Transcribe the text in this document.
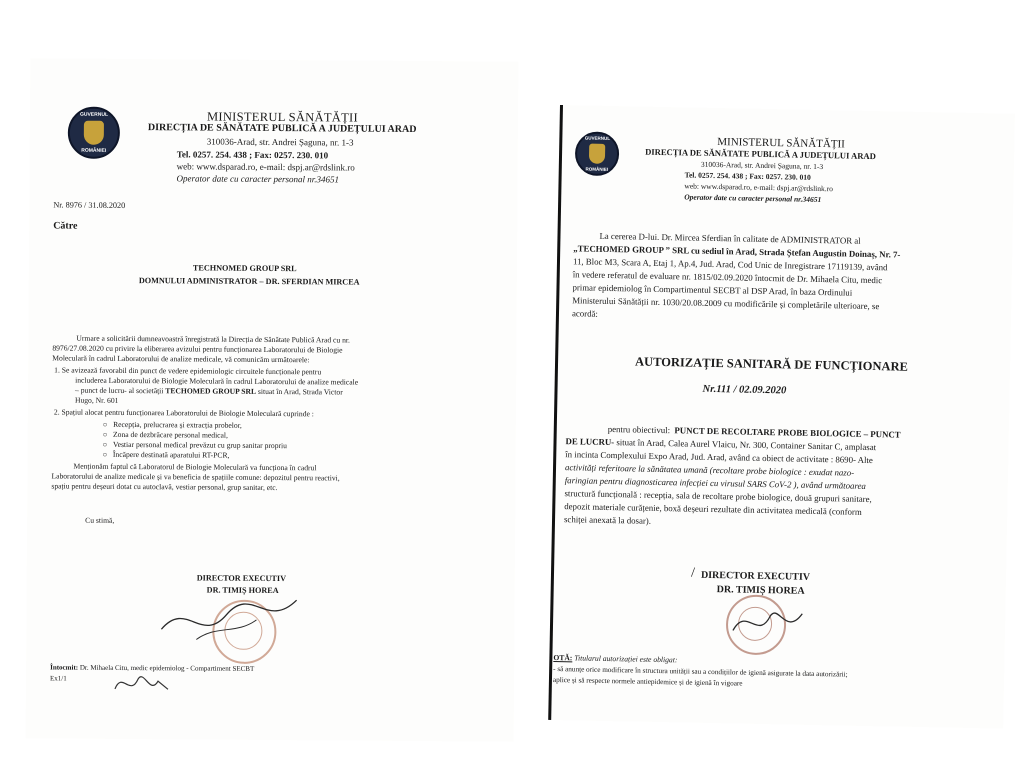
GUVERNUL
ROMÂNIEI
MINISTERUL SĂNĂTĂȚII
DIRECȚIA DE SĂNĂTATE PUBLICĂ A JUDEȚULUI ARAD
310036-Arad, str. Andrei Șaguna, nr. 1-3
Tel. 0257. 254. 438 ; Fax: 0257. 230. 010
web: www.dsparad.ro, e-mail: dspj.ar@rdslink.ro
Operator date cu caracter personal nr.34651
Nr. 8976 / 31.08.2020
Către
TECHNOMED GROUP SRL
DOMNULUI ADMINISTRATOR – DR. SFERDIAN MIRCEA
Urmare a solicitării dumneavoastră înregistrată la Direcția de Sănătate Publică Arad cu nr.
8976/27.08.2020 cu privire la eliberarea avizului pentru funcționarea Laboratorului de Biologie
Moleculară în cadrul Laboratorului de analize medicale, vă comunicăm următoarele:
1. Se avizează favorabil din punct de vedere epidemiologic circuitele funcționale pentru
includerea Laboratorului de Biologie Moleculară în cadrul Laboratorului de analize medicale
– punct de lucru- al societății TECHOMED GROUP SRL situat în Arad, Strada Victor
Hugo, Nr. 601
2. Spațiul alocat pentru funcționarea Laboratorului de Biologie Moleculară cuprinde :
○   Recepția, prelucrarea și extracția probelor,
○   Zona de dezbrăcare personal medical,
○   Vestiar personal medical prevăzut cu grup sanitar propriu
○   Încăpere destinată aparatului RT-PCR,
Menționăm faptul că Laboratorul de Biologie Moleculară va funcționa în cadrul
Laboratorului de analize medicale și va beneficia de spațiile comune: depozitul pentru reactivi,
spațiu pentru deșeuri dotat cu autoclavă, vestiar personal, grup sanitar, etc.
Cu stimă,
DIRECTOR EXECUTIV
DR. TIMIȘ HOREA
Întocmit: Dr. Mihaela Citu, medic epidemiolog - Compartiment SECBT
Ex1/1
GUVERNUL
ROMÂNIEI
MINISTERUL SĂNĂTĂȚII
DIRECȚIA DE SĂNĂTATE PUBLICĂ A JUDEȚULUI ARAD
310036-Arad, str. Andrei Șaguna, nr. 1-3
Tel. 0257. 254. 438 ; Fax: 0257. 230. 010
web: www.dsparad.ro, e-mail: dspj.ar@rdslink.ro
Operator date cu caracter personal nr.34651
La cererea D-lui. Dr. Mircea Sferdian în calitate de ADMINISTRATOR al
„TECHOMED GROUP ” SRL cu sediul în Arad, Strada Ștefan Augustin Doinaș, Nr. 7-
11, Bloc M3, Scara A, Etaj 1, Ap.4, Jud. Arad, Cod Unic de Inregistrare 17119139, având
în vedere referatul de evaluare nr. 1815/02.09.2020 întocmit de Dr. Mihaela Citu, medic
primar epidemiolog în Compartimentul SECBT al DSP Arad, în baza Ordinului
Ministerului Sănătății nr. 1030/20.08.2009 cu modificările și completările ulterioare, se
acordă:
AUTORIZAȚIE SANITARĂ DE FUNCȚIONARE
Nr.111 / 02.09.2020
pentru obiectivul: PUNCT DE RECOLTARE PROBE BIOLOGICE – PUNCT
DE LUCRU- situat în Arad, Calea Aurel Vlaicu, Nr. 300, Container Sanitar C, amplasat
în incinta Complexului Expo Arad, Jud. Arad, având ca obiect de activitate : 8690- Alte
activități referitoare la sănătatea umană (recoltare probe biologice : exudat nazo-
faringian pentru diagnosticarea infecției cu virusul SARS CoV-2 ), având următoarea
structură funcțională : recepția, sala de recoltare probe biologice, două grupuri sanitare,
depozit materiale curățenie, boxă deșeuri rezultate din activitatea medicală (conform
schiței anexată la dosar).
DIRECTOR EXECUTIV
DR. TIMIȘ HOREA
/
OTĂ: Titularul autorizației este obligat:
- să anunțe orice modificare în structura unității sau a condițiilor de igienă asigurate la data autorizării;
aplice și să respecte normele antiepidemice și de igienă în vigoare
